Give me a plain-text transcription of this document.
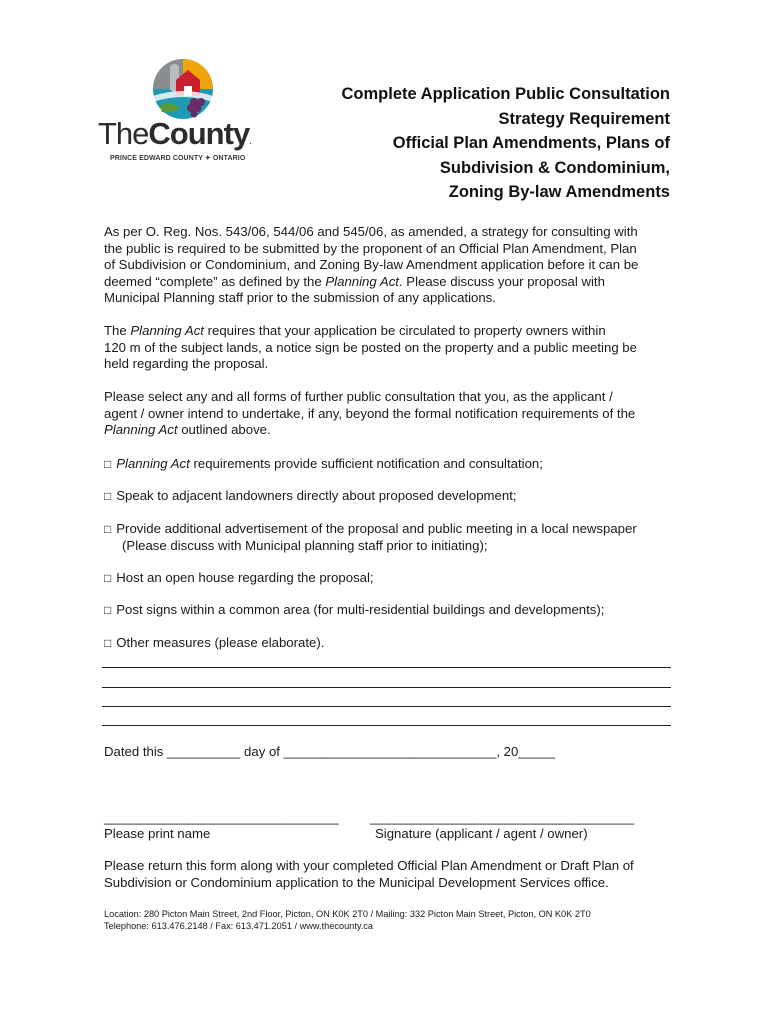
TheCounty.
PRINCE EDWARD COUNTY ✦ ONTARIO
Complete Application Public Consultation
Strategy Requirement
Official Plan Amendments, Plans of
Subdivision & Condominium,
Zoning By-law Amendments
As per O. Reg. Nos. 543/06, 544/06 and 545/06, as amended, a strategy for consulting with
the public is required to be submitted by the proponent of an Official Plan Amendment, Plan
of Subdivision or Condominium, and Zoning By-law Amendment application before it can be
deemed “complete” as defined by the Planning Act. Please discuss your proposal with
Municipal Planning staff prior to the submission of any applications.
The Planning Act requires that your application be circulated to property owners within
120 m of the subject lands, a notice sign be posted on the property and a public meeting be
held regarding the proposal.
Please select any and all forms of further public consultation that you, as the applicant /
agent / owner intend to undertake, if any, beyond the formal notification requirements of the
Planning Act outlined above.
□ Planning Act requirements provide sufficient notification and consultation;
□ Speak to adjacent landowners directly about proposed development;
□ Provide additional advertisement of the proposal and public meeting in a local newspaper
(Please discuss with Municipal planning staff prior to initiating);
□ Host an open house regarding the proposal;
□ Post signs within a common area (for multi-residential buildings and developments);
□ Other measures (please elaborate).
Dated this __________ day of _____________________________, 20_____
________________________________ ____________________________________
Please print name	Signature (applicant / agent / owner)
Please return this form along with your completed Official Plan Amendment or Draft Plan of
Subdivision or Condominium application to the Municipal Development Services office.
Location: 280 Picton Main Street, 2nd Floor, Picton, ON K0K 2T0 / Mailing: 332 Picton Main Street, Picton, ON K0K 2T0
Telephone: 613.476.2148 / Fax: 613.471.2051 / www.thecounty.ca
